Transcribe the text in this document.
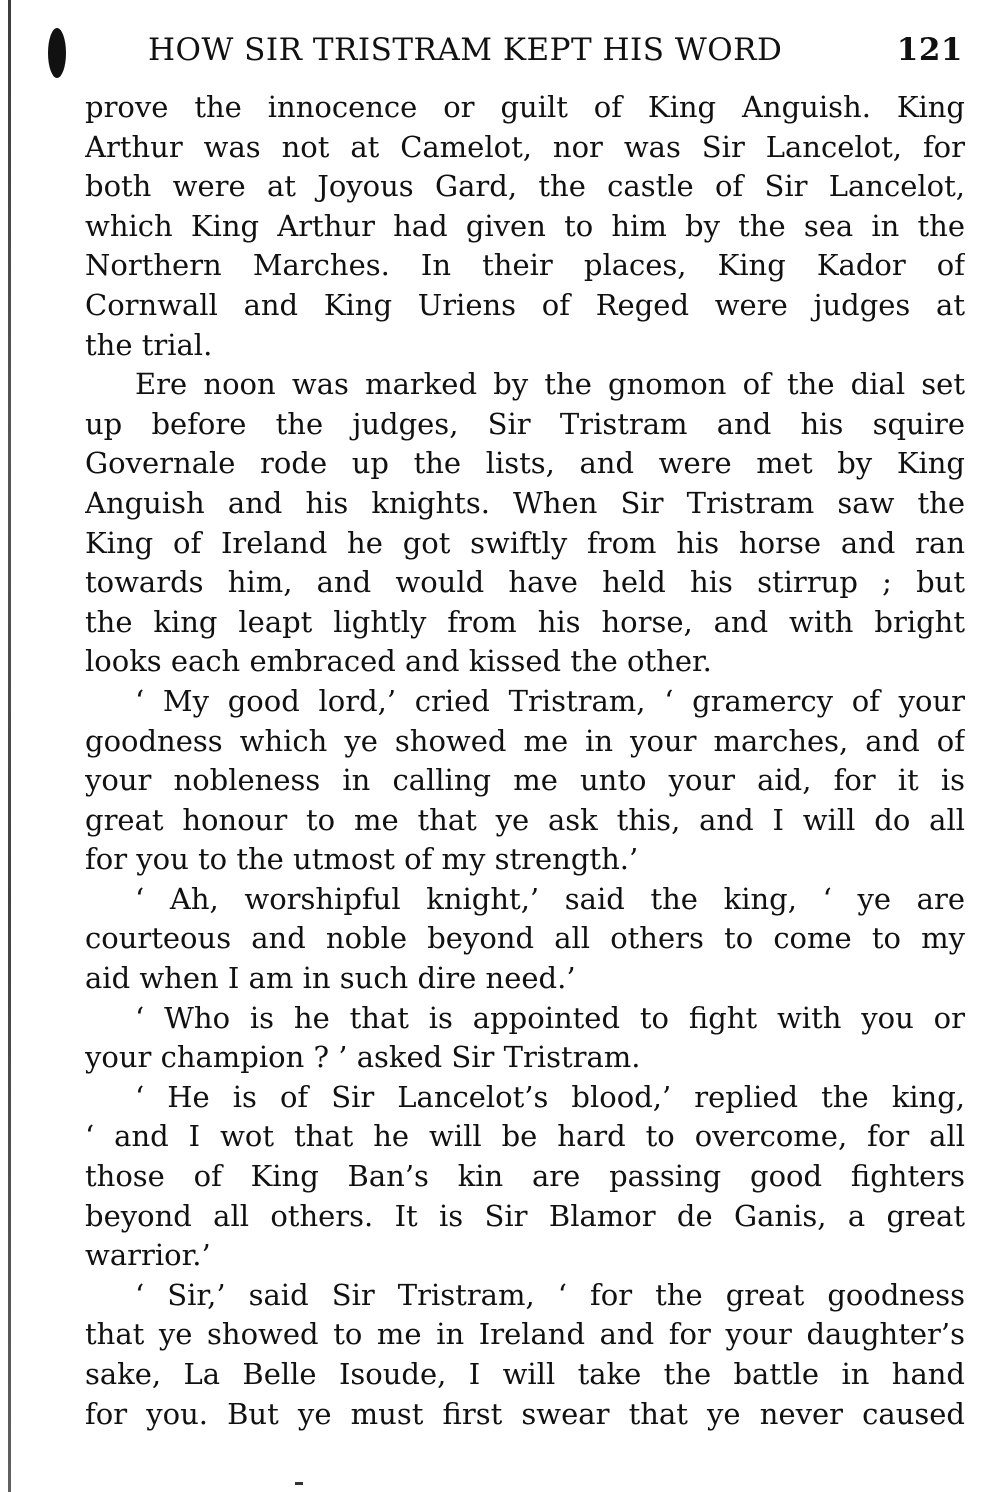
HOW SIR TRISTRAM KEPT HIS WORD	121
prove the innocence or guilt of King Anguish. King
Arthur was not at Camelot, nor was Sir Lancelot, for
both were at Joyous Gard, the castle of Sir Lancelot,
which King Arthur had given to him by the sea in the
Northern Marches. In their places, King Kador of
Cornwall and King Uriens of Reged were judges at
the trial.
Ere noon was marked by the gnomon of the dial set
up before the judges, Sir Tristram and his squire
Governale rode up the lists, and were met by King
Anguish and his knights. When Sir Tristram saw the
King of Ireland he got swiftly from his horse and ran
towards him, and would have held his stirrup ; but
the king leapt lightly from his horse, and with bright
looks each embraced and kissed the other.
‘ My good lord,’ cried Tristram, ‘ gramercy of your
goodness which ye showed me in your marches, and of
your nobleness in calling me unto your aid, for it is
great honour to me that ye ask this, and I will do all
for you to the utmost of my strength.’
‘ Ah, worshipful knight,’ said the king, ‘ ye are
courteous and noble beyond all others to come to my
aid when I am in such dire need.’
‘ Who is he that is appointed to fight with you or
your champion ? ’ asked Sir Tristram.
‘ He is of Sir Lancelot’s blood,’ replied the king,
‘ and I wot that he will be hard to overcome, for all
those of King Ban’s kin are passing good fighters
beyond all others. It is Sir Blamor de Ganis, a great
warrior.’
‘ Sir,’ said Sir Tristram, ‘ for the great goodness
that ye showed to me in Ireland and for your daughter’s
sake, La Belle Isoude, I will take the battle in hand
for you. But ye must first swear that ye never caused
